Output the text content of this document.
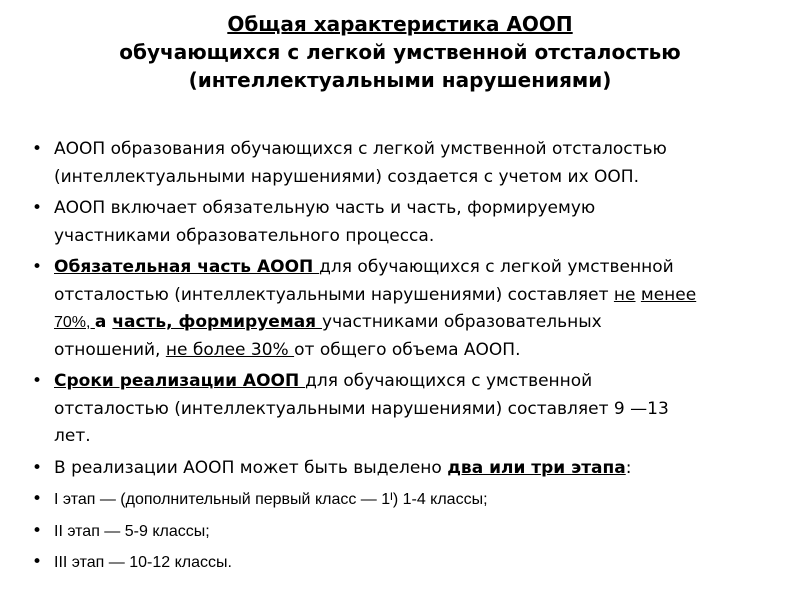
Общая характеристика АООП
обучающихся с легкой умственной отсталостью
(интеллектуальными нарушениями)
• АООП образования обучающихся с легкой умственной отсталостью
(интеллектуальными нарушениями) создается с учетом их ООП.
• АООП включает обязательную часть и часть, формируемую
участниками образовательного процесса.
• Обязательная часть АООП для обучающихся с легкой умственной
отсталостью (интеллектуальными нарушениями) составляет не менее
70%, а часть, формируемая участниками образовательных
отношений, не более 30% от общего объема АООП.
• Сроки реализации АООП для обучающихся с умственной
отсталостью (интеллектуальными нарушениями) составляет 9 —13
лет.
• В реализации АООП может быть выделено два или три этапа:
• I этап — (дополнительный первый класс — 1ᴵ) 1-4 классы;
• II этап — 5-9 классы;
• III этап — 10-12 классы.
